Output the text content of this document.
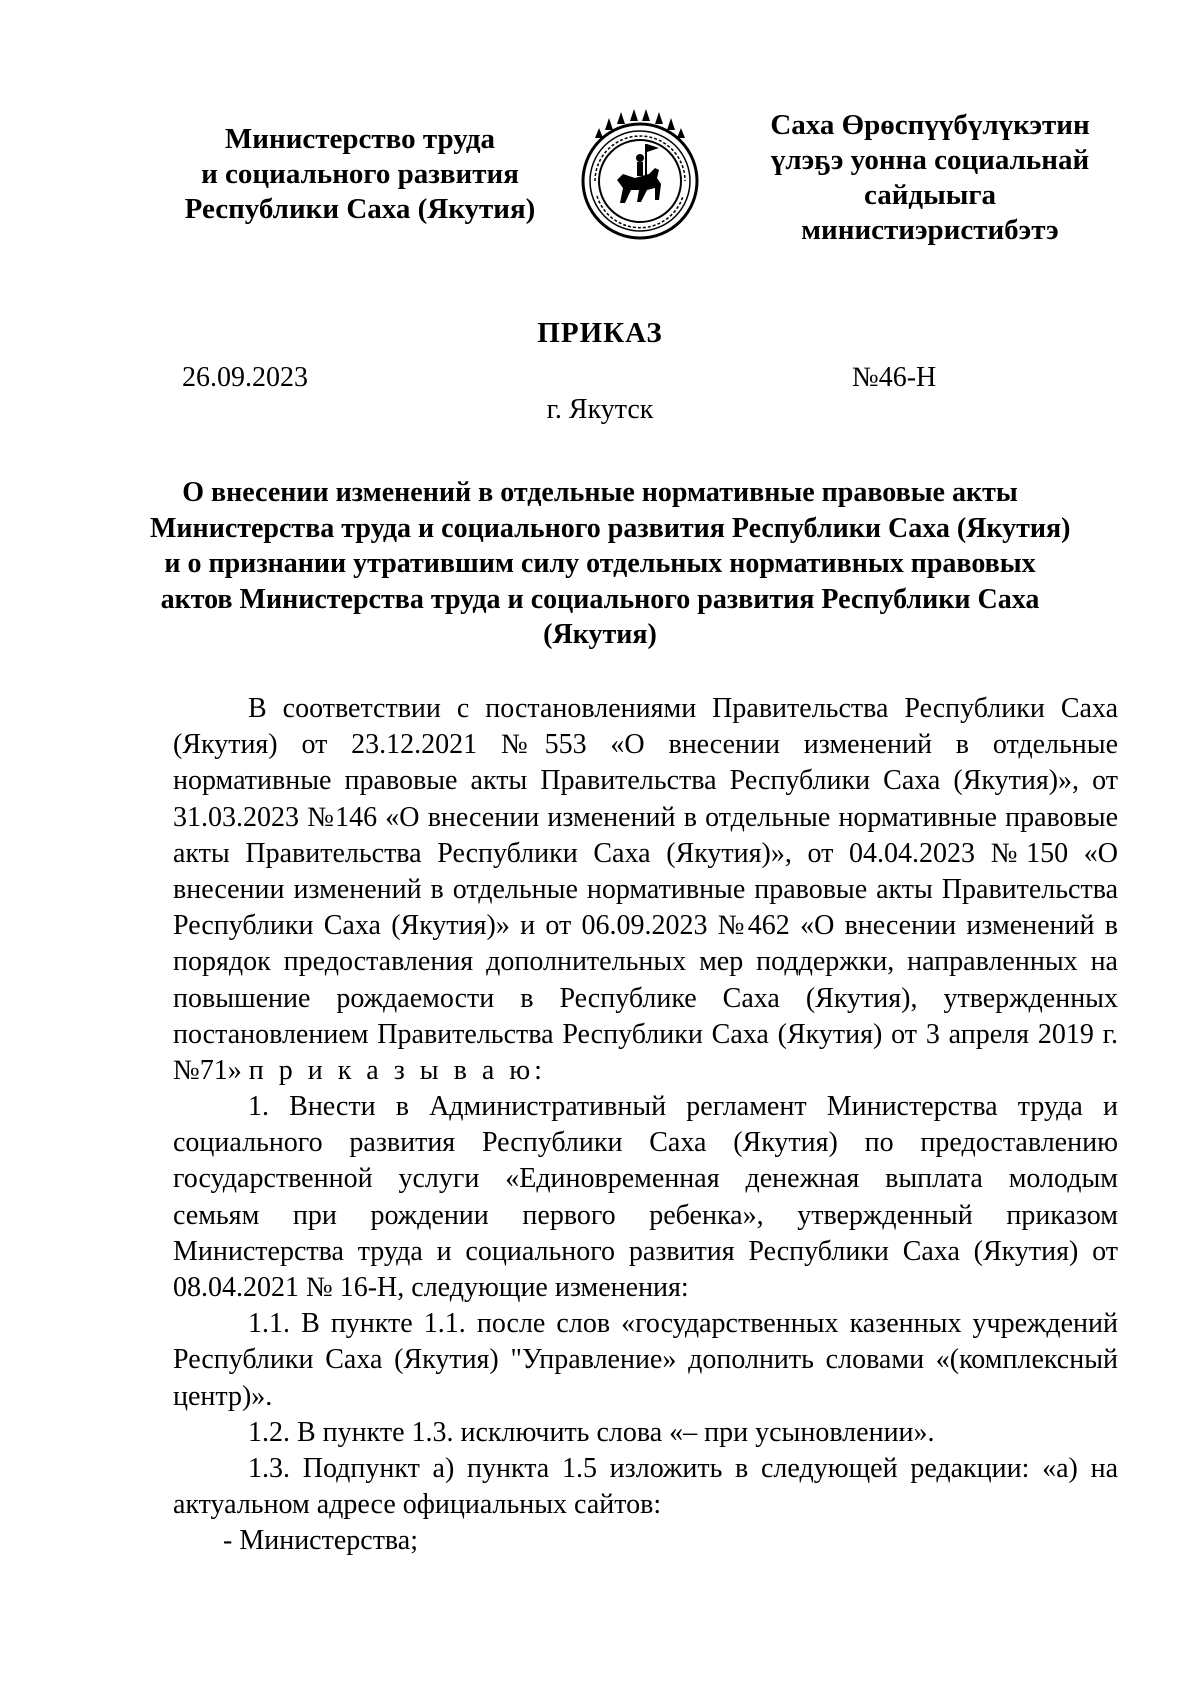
Министерство труда
и социального развития
Республики Саха (Якутия)
Саха Өрөспүүбүлүкэтин
үлэҕэ уонна социальнай
сайдыыга
министиэристибэтэ
ПРИКАЗ
26.09.2023	№46-Н
г. Якутск
О внесении изменений в отдельные нормативные правовые акты
Министерства труда и социального развития Республики Саха (Якутия)
и о признании утратившим силу отдельных нормативных правовых
актов Министерства труда и социального развития Республики Саха
(Якутия)
В соответствии с постановлениями Правительства Республики Саха
(Якутия) от 23.12.2021 №553 «О внесении изменений в отдельные
нормативные правовые акты Правительства Республики Саха (Якутия)», от
31.03.2023 №146 «О внесении изменений в отдельные нормативные правовые
акты Правительства Республики Саха (Якутия)», от 04.04.2023 №150 «О
внесении изменений в отдельные нормативные правовые акты Правительства
Республики Саха (Якутия)» и от 06.09.2023 №462 «О внесении изменений в
порядок предоставления дополнительных мер поддержки, направленных на
повышение рождаемости в Республике Саха (Якутия), утвержденных
постановлением Правительства Республики Саха (Якутия) от 3 апреля 2019 г.
№71» п р и к а з ы в а ю:
1. Внести в Административный регламент Министерства труда и
социального развития Республики Саха (Якутия) по предоставлению
государственной услуги «Единовременная денежная выплата молодым
семьям при рождении первого ребенка», утвержденный приказом
Министерства труда и социального развития Республики Саха (Якутия) от
08.04.2021 № 16-Н, следующие изменения:
1.1. В пункте 1.1. после слов «государственных казенных учреждений
Республики Саха (Якутия) "Управление» дополнить словами «(комплексный
центр)».
1.2. В пункте 1.3. исключить слова «– при усыновлении».
1.3. Подпункт а) пункта 1.5 изложить в следующей редакции: «а) на
актуальном адресе официальных сайтов:
- Министерства;
